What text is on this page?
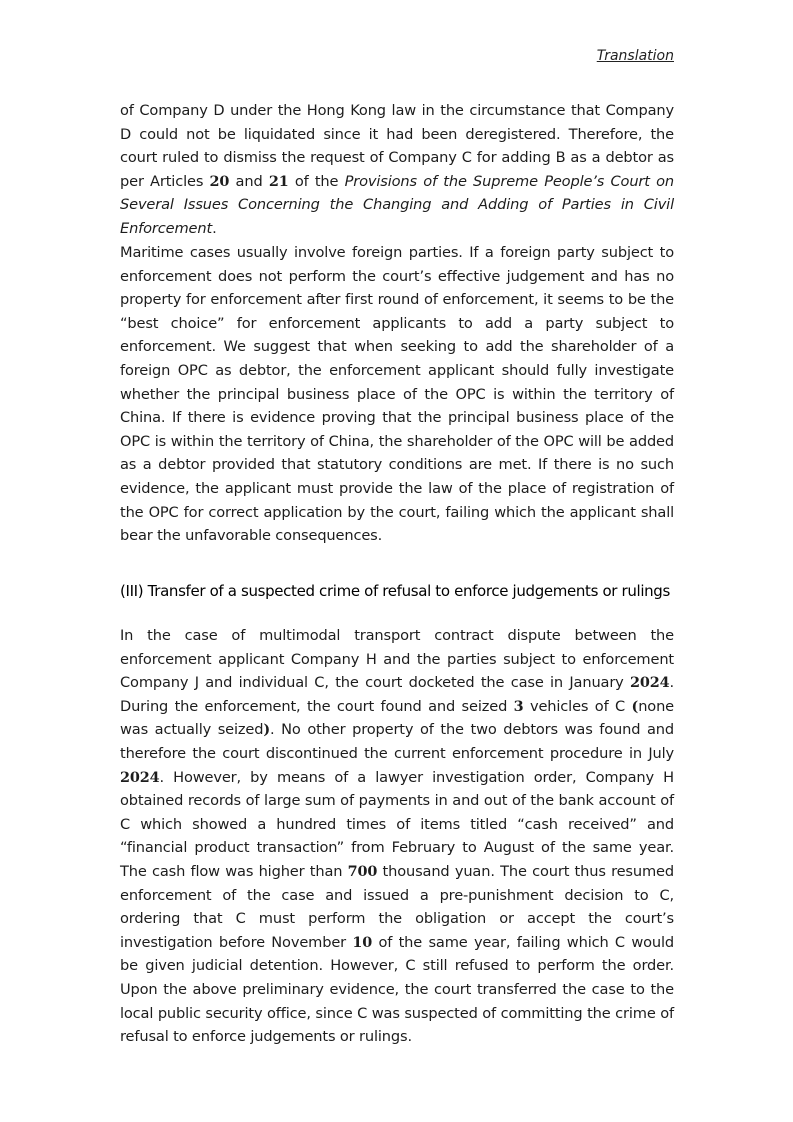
Translation

of Company D under the Hong Kong law in the circumstance that Company D could not be liquidated since it had been deregistered. Therefore, the court ruled to dismiss the request of Company C for adding B as a debtor as per Articles 20 and 21 of the Provisions of the Supreme People’s Court on Several Issues Concerning the Changing and Adding of Parties in Civil Enforcement.

Maritime cases usually involve foreign parties. If a foreign party subject to enforcement does not perform the court’s effective judgement and has no property for enforcement after first round of enforcement, it seems to be the “best choice” for enforcement applicants to add a party subject to enforcement. We suggest that when seeking to add the shareholder of a foreign OPC as debtor, the enforcement applicant should fully investigate whether the principal business place of the OPC is within the territory of China. If there is evidence proving that the principal business place of the OPC is within the territory of China, the shareholder of the OPC will be added as a debtor provided that statutory conditions are met. If there is no such evidence, the applicant must provide the law of the place of registration of the OPC for correct application by the court, failing which the applicant shall bear the unfavorable consequences.

(III) Transfer of a suspected crime of refusal to enforce judgements or rulings

In the case of multimodal transport contract dispute between the enforcement applicant Company H and the parties subject to enforcement Company J and individual C, the court docketed the case in January 2024. During the enforcement, the court found and seized 3 vehicles of C (none was actually seized). No other property of the two debtors was found and therefore the court discontinued the current enforcement procedure in July 2024. However, by means of a lawyer investigation order, Company H obtained records of large sum of payments in and out of the bank account of C which showed a hundred times of items titled “cash received” and “financial product transaction” from February to August of the same year. The cash flow was higher than 700 thousand yuan. The court thus resumed enforcement of the case and issued a pre-punishment decision to C, ordering that C must perform the obligation or accept the court’s investigation before November 10 of the same year, failing which C would be given judicial detention. However, C still refused to perform the order. Upon the above preliminary evidence, the court transferred the case to the local public security office, since C was suspected of committing the crime of refusal to enforce judgements or rulings.
